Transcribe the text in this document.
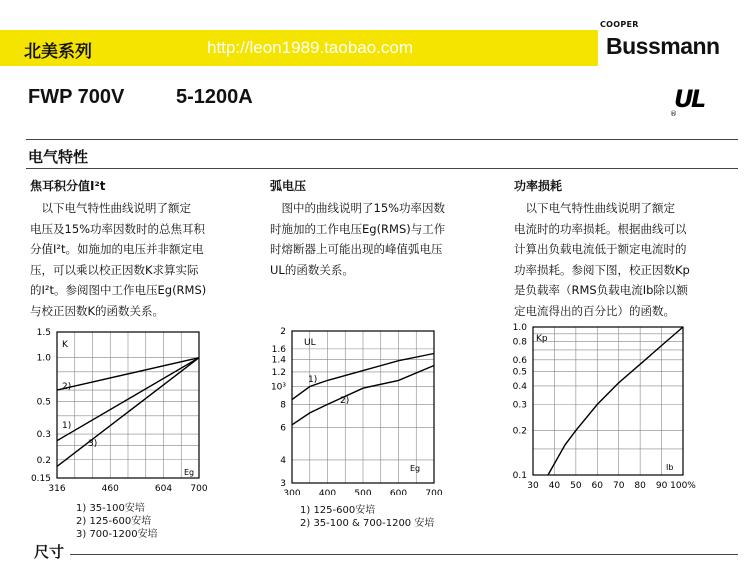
北美系列	http://leon1989.taobao.com
COOPER
Bussmann
FWP 700V	5-1200A	U
L
®
电气特性
焦耳积分值I²t

　以下电气特性曲线说明了额定

电压及15%功率因数时的总焦耳积

分值I²t。如施加的电压并非额定电

压，可以乘以校正因数K求算实际

的I²t。参阅图中工作电压Eg(RMS)

与校正因数K的函数关系。

弧电压

　图中的曲线说明了15%功率因数

时施加的工作电压Eg(RMS)与工作

时熔断器上可能出现的峰值弧电压

UL的函数关系。

功率损耗

　以下电气特性曲线说明了额定

电流时的功率损耗。根据曲线可以

计算出负载电流低于额定电流时的

功率损耗。参阅下图，校正因数Kp

是负载率（RMS负载电流Ib除以额

定电流得出的百分比）的函数。

316	460	604 700
1.5
1.0
0.5
0.3
0.2
0.15
1)
2)
3)
K
Eg
300 400 500 600 700
2
1.6
1.4
1.2
10³
8
6
4
3
1)
2)
UL
Eg
30 40 50 60 70 80 90 100%
1.0
0.8
0.6
0.5
0.4
0.3
0.2
0.1
Kp
Ib
1) 35-100安培
2) 125-600安培
3) 700-1200安培
1) 125-600安培
2) 35-100 & 700-1200 安培
尺寸
